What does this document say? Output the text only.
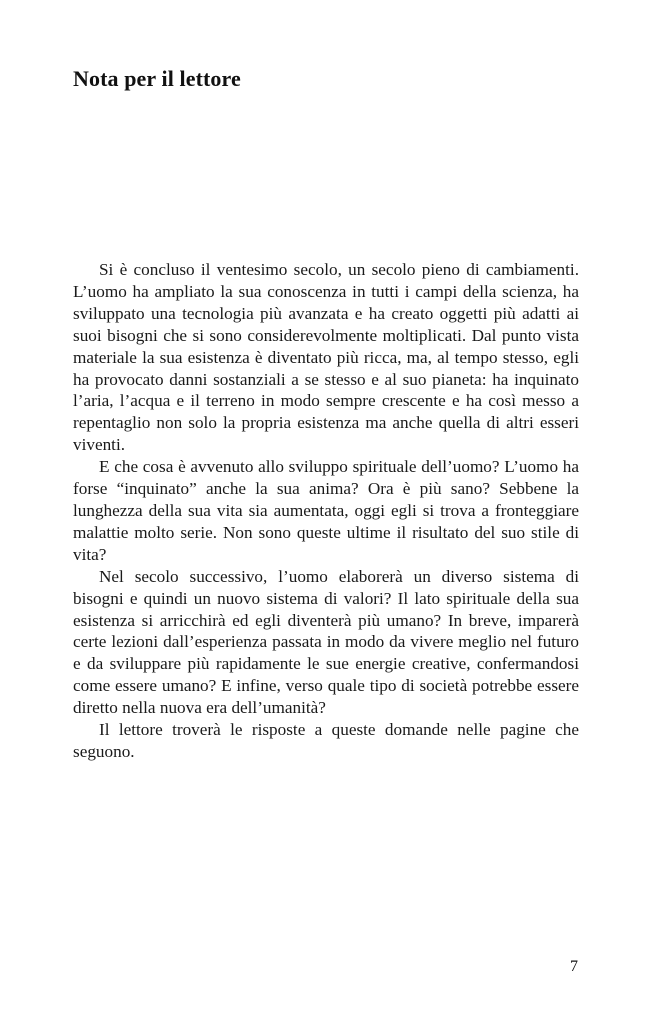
Nota per il lettore

Si è concluso il ventesimo secolo, un secolo pieno di cambiamenti. L’uomo ha ampliato la sua conoscenza in tutti i campi della scienza, ha sviluppato una tecnologia più avanzata e ha creato oggetti più adatti ai suoi bisogni che si sono considerevolmente moltiplicati. Dal punto vista materiale la sua esistenza è diventato più ricca, ma, al tempo stesso, egli ha provocato danni sostanziali a se stesso e al suo pianeta: ha inquinato l’aria, l’acqua e il terreno in modo sempre crescente e ha così messo a repentaglio non solo la propria esistenza ma anche quella di altri esseri viventi.

E che cosa è avvenuto allo sviluppo spirituale dell’uomo? L’uomo ha forse “inquinato” anche la sua anima? Ora è più sano? Sebbene la lunghezza della sua vita sia aumentata, oggi egli si trova a fronteggiare malattie molto serie. Non sono queste ultime il risultato del suo stile di vita?

Nel secolo successivo, l’uomo elaborerà un diverso sistema di bisogni e quindi un nuovo sistema di valori? Il lato spirituale della sua esistenza si arricchirà ed egli diventerà più umano? In breve, imparerà certe lezioni dall’esperienza passata in modo da vivere meglio nel futuro e da sviluppare più rapidamente le sue energie creative, confermandosi come essere umano? E infine, verso quale tipo di società potrebbe essere diretto nella nuova era dell’umanità?

Il lettore troverà le risposte a queste domande nelle pagine che seguono.

7
